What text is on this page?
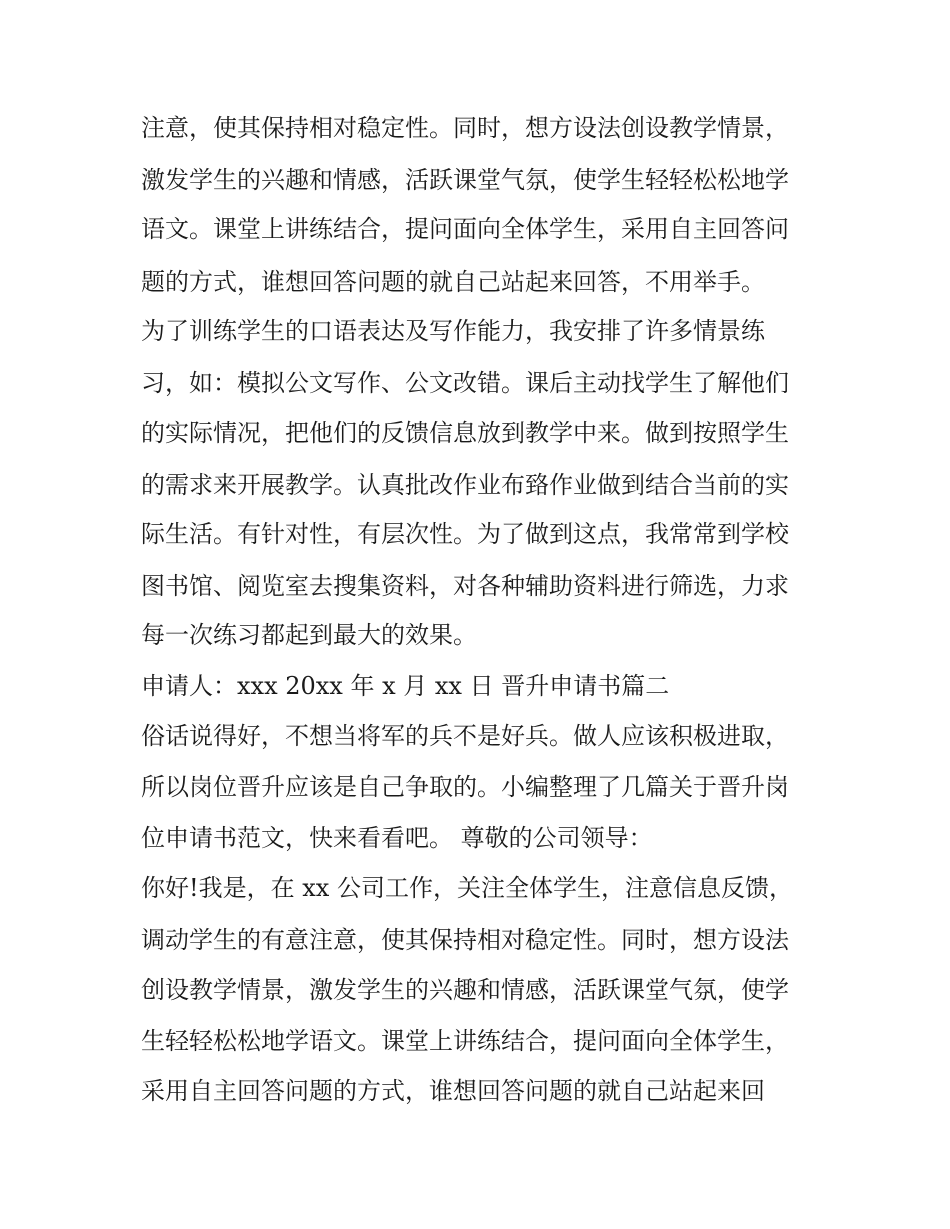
注意，使其保持相对稳定性。同时，想方设法创设教学情景，
激发学生的兴趣和情感，活跃课堂气氛，使学生轻轻松松地学
语文。课堂上讲练结合，提问面向全体学生，采用自主回答问
题的方式，谁想回答问题的就自己站起来回答，不用举手。
为了训练学生的口语表达及写作能力，我安排了许多情景练
习，如：模拟公文写作、公文改错。课后主动找学生了解他们
的实际情况，把他们的反馈信息放到教学中来。做到按照学生
的需求来开展教学。认真批改作业布臵作业做到结合当前的实
际生活。有针对性，有层次性。为了做到这点，我常常到学校
图书馆、阅览室去搜集资料，对各种辅助资料进行筛选，力求
每一次练习都起到最大的效果。
申请人：xxx 20xx 年 x 月 xx 日 晋升申请书篇二
俗话说得好，不想当将军的兵不是好兵。做人应该积极进取，
所以岗位晋升应该是自己争取的。小编整理了几篇关于晋升岗
位申请书范文，快来看看吧。 尊敬的公司领导：
你好!我是，在 xx 公司工作，关注全体学生，注意信息反馈，
调动学生的有意注意，使其保持相对稳定性。同时，想方设法
创设教学情景，激发学生的兴趣和情感，活跃课堂气氛，使学
生轻轻松松地学语文。课堂上讲练结合，提问面向全体学生，
采用自主回答问题的方式，谁想回答问题的就自己站起来回
